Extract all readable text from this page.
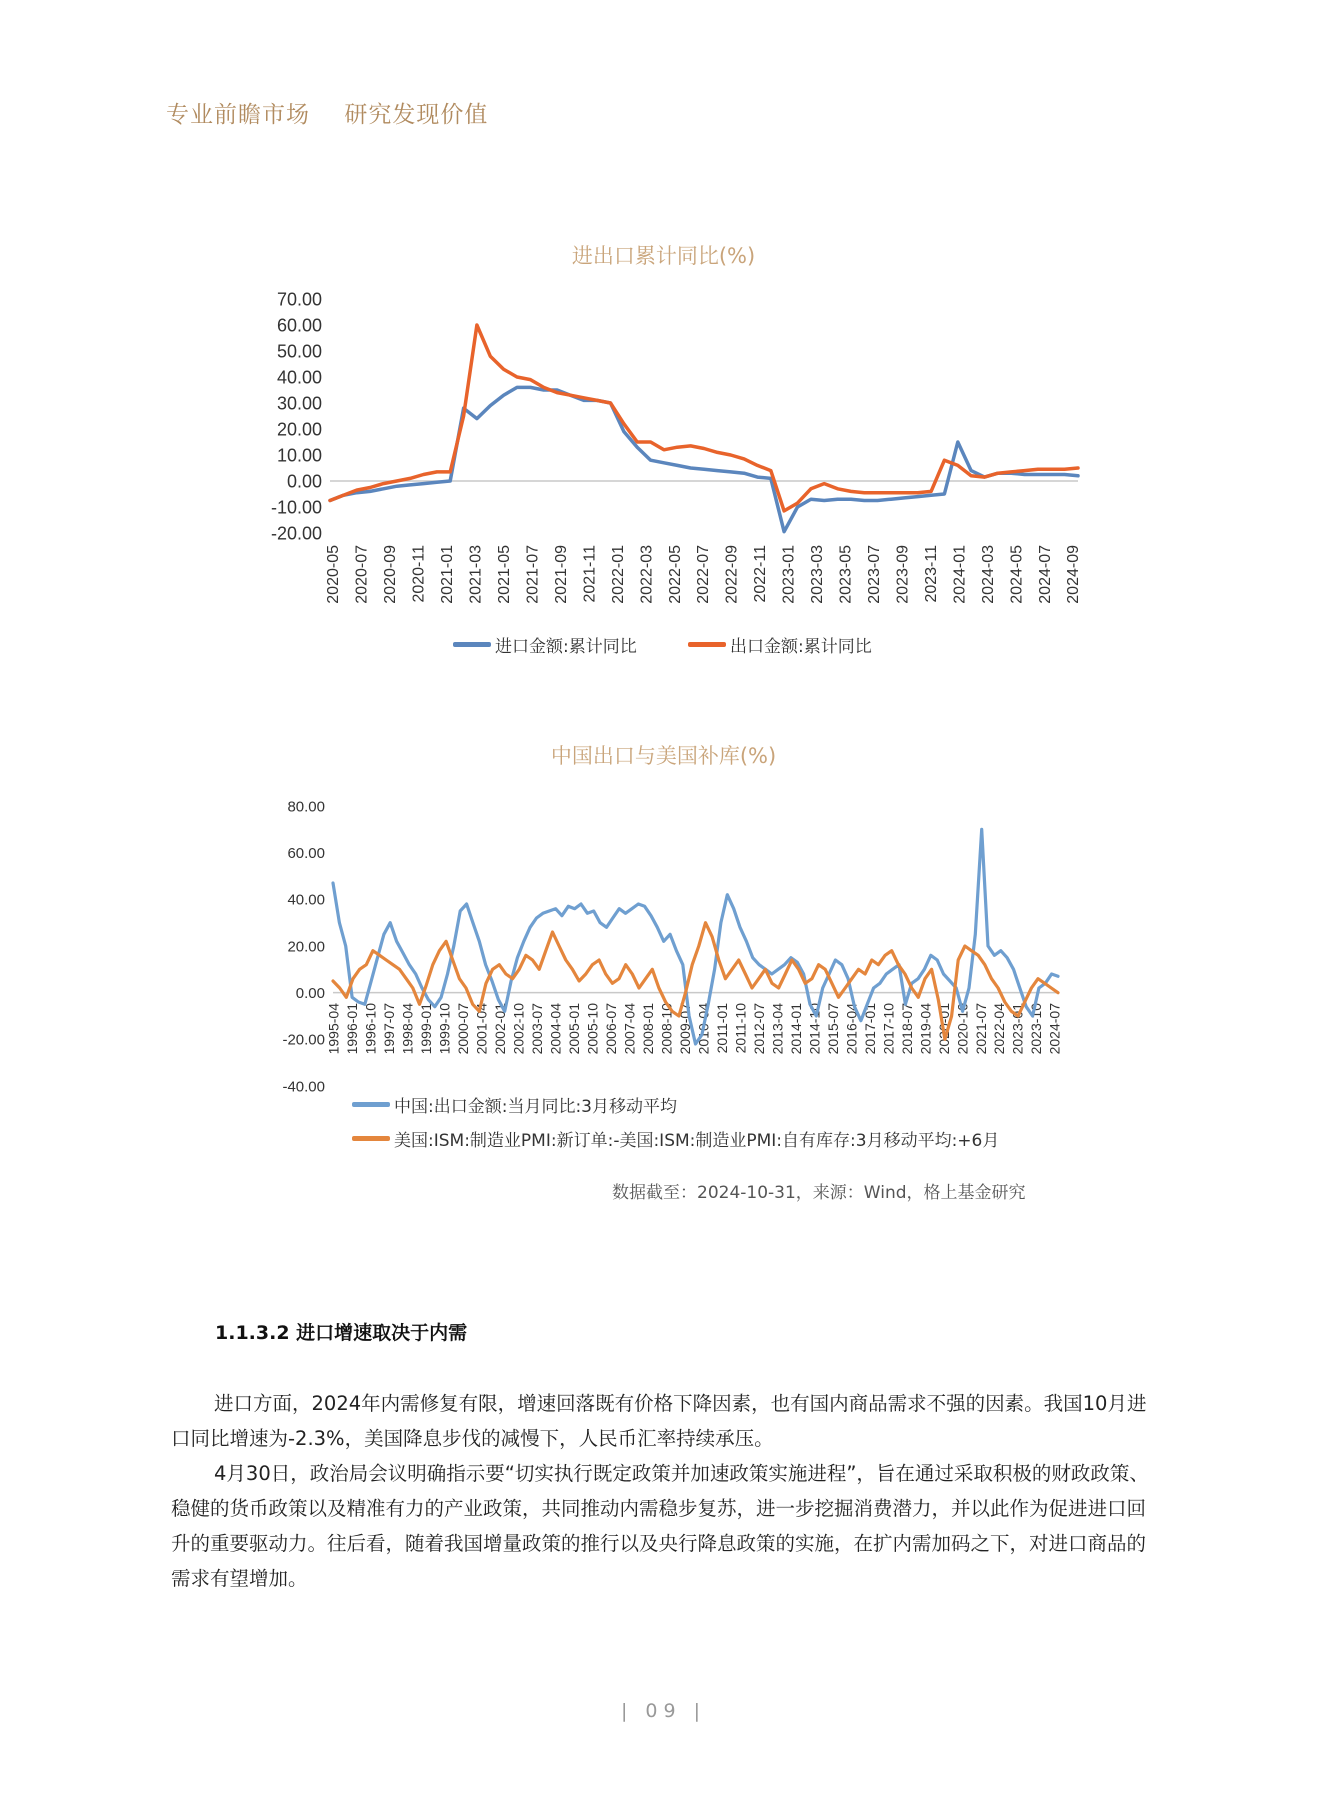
专业前瞻市场 研究发现价值
进出口累计同比(%)
70.00
60.00
50.00
40.00
30.00
20.00
10.00
0.00
-10.00
-20.00
2020-05 2020-07 2020-09 2020-11 2021-01 2021-03 2021-05 2021-07 2021-09 2021-11 2022-01 2022-03 2022-05 2022-07 2022-09 2022-11 2023-01 2023-03 2023-05 2023-07 2023-09 2023-11 2024-01 2024-03 2024-05 2024-07 2024-09
80.00
60.00
40.00
20.00
0.00
-20.00
-40.00
1995-04 1996-01 1996-10 1997-07 1998-04 1999-01 1999-10 2000-07 2001-04 2002-01 2002-10 2003-07 2004-04 2005-01 2005-10 2006-07 2007-04 2008-01 2008-10 2009-07 2010-04 2011-01 2011-10 2012-07 2013-04 2014-01 2014-10 2015-07 2016-04 2017-01 2017-10 2018-07 2019-04 2020-01 2020-10 2021-07 2022-04 2023-01 2023-10 2024-07
进口金额:累计同比	出口金额:累计同比
中国出口与美国补库(%)
中国:出口金额:当月同比:3月移动平均
美国:ISM:制造业PMI:新订单:-美国:ISM:制造业PMI:自有库存:3月移动平均:+6月
数据截至：2024-10-31，来源：Wind，格上基金研究
1.1.3.2 进口增速取决于内需
进口方面，2024年内需修复有限，增速回落既有价格下降因素，也有国内商品需求不强的因素。我国10月进口同比增速为-2.3%，美国降息步伐的减慢下，人民币汇率持续承压。
4月30日，政治局会议明确指示要“切实执行既定政策并加速政策实施进程”，旨在通过采取积极的财政政策、稳健的货币政策以及精准有力的产业政策，共同推动内需稳步复苏，进一步挖掘消费潜力，并以此作为促进进口回升的重要驱动力。往后看，随着我国增量政策的推行以及央行降息政策的实施，在扩内需加码之下，对进口商品的需求有望增加。
| 09 |
